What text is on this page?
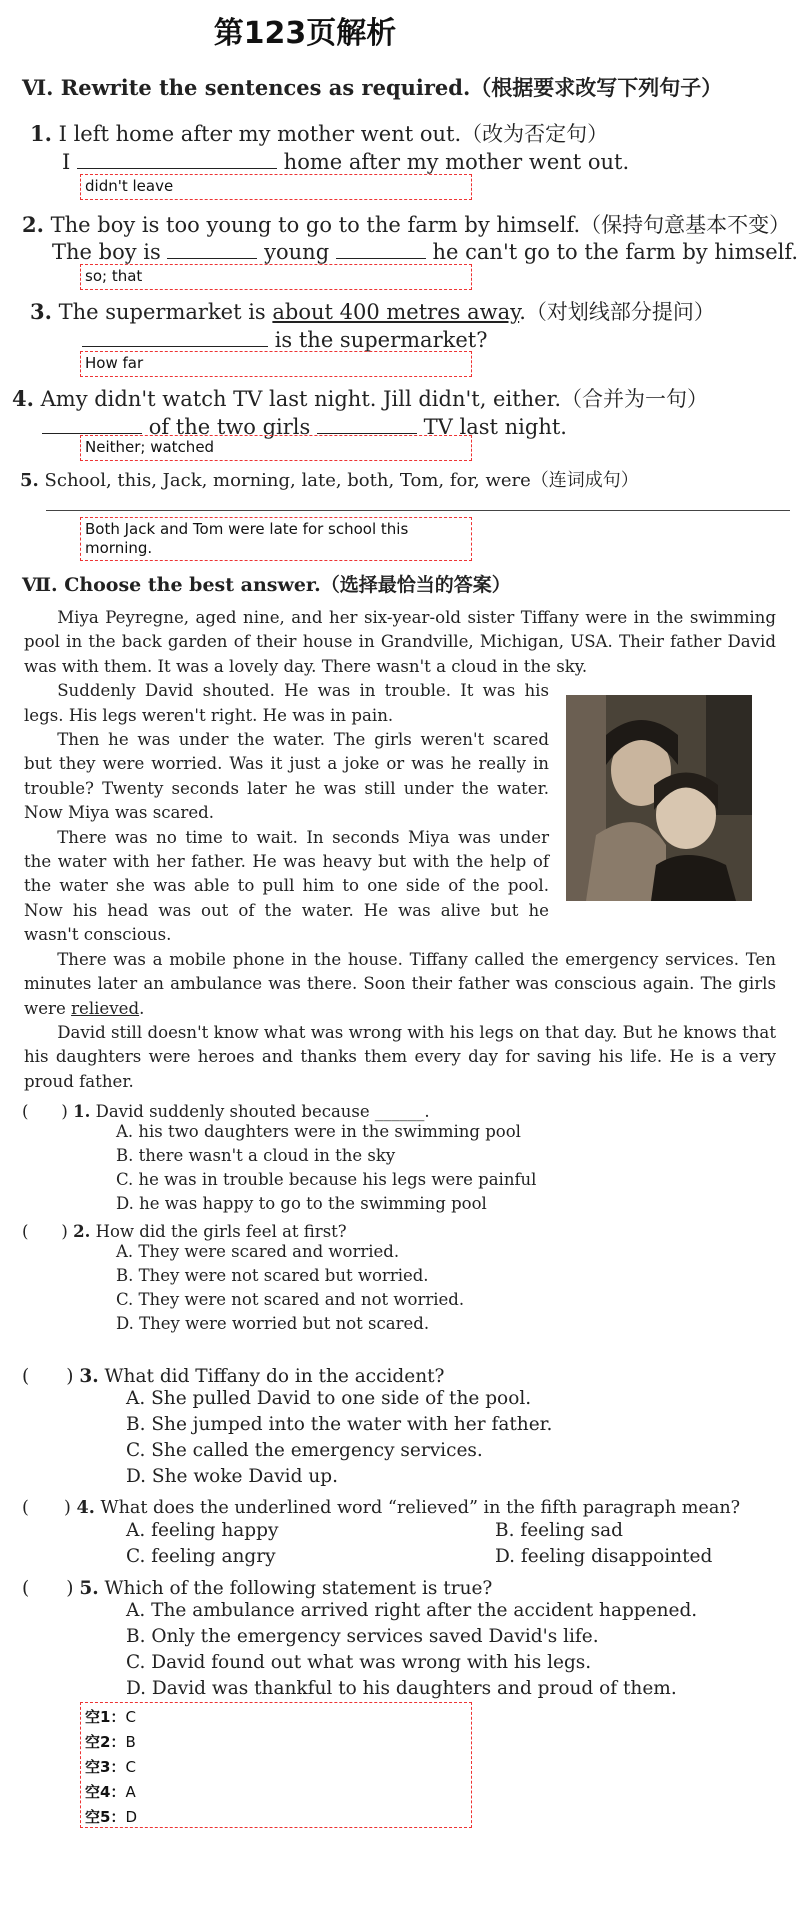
第123页解析
Ⅵ. Rewrite the sentences as required.（根据要求改写下列句子）
1. I left home after my mother went out.（改为否定句）
I	home after my mother went out.
didn't leave
2. The boy is too young to go to the farm by himself.（保持句意基本不变）
The boy is	young	he can't go to the farm by himself.
so; that
3. The supermarket is about 400 metres away.（对划线部分提问）
is the supermarket?
How far
4. Amy didn't watch TV last night. Jill didn't, either.（合并为一句）
of the two girls	TV last night.
Neither; watched
5. School, this, Jack, morning, late, both, Tom, for, were（连词成句）
Both Jack and Tom were late for school this morning.
Ⅶ. Choose the best answer.（选择最恰当的答案）

Miya Peyregne, aged nine, and her six-year-old sister Tiffany were in the swimming pool in the back garden of their house in Grandville, Michigan, USA. Their father David was with them. It was a lovely day. There wasn't a cloud in the sky.

Suddenly David shouted. He was in trouble. It was his legs. His legs weren't right. He was in pain.

Then he was under the water. The girls weren't scared but they were worried. Was it just a joke or was he really in trouble? Twenty seconds later he was still under the water. Now Miya was scared.

There was no time to wait. In seconds Miya was under the water with her father. He was heavy but with the help of the water she was able to pull him to one side of the pool. Now his head was out of the water. He was alive but he wasn't conscious.

There was a mobile phone in the house. Tiffany called the emergency services. Ten minutes later an ambulance was there. Soon their father was conscious again. The girls were relieved.

David still doesn't know what was wrong with his legs on that day. But he knows that his daughters were heroes and thanks them every day for saving his life. He is a very proud father.

(　　) 1. David suddenly shouted because ______.
A. his two daughters were in the swimming pool
B. there wasn't a cloud in the sky
C. he was in trouble because his legs were painful
D. he was happy to go to the swimming pool
(　　) 2. How did the girls feel at first?
A. They were scared and worried.
B. They were not scared but worried.
C. They were not scared and not worried.
D. They were worried but not scared.
(　　) 3. What did Tiffany do in the accident?
A. She pulled David to one side of the pool.
B. She jumped into the water with her father.
C. She called the emergency services.
D. She woke David up.
(　　) 4. What does the underlined word “relieved” in the fifth paragraph mean?
A. feeling happy	B. feeling sad
C. feeling angry	D. feeling disappointed
(　　) 5. Which of the following statement is true?
A. The ambulance arrived right after the accident happened.
B. Only the emergency services saved David's life.
C. David found out what was wrong with his legs.
D. David was thankful to his daughters and proud of them.
空1：C
空2：B
空3：C
空4：A
空5：D
